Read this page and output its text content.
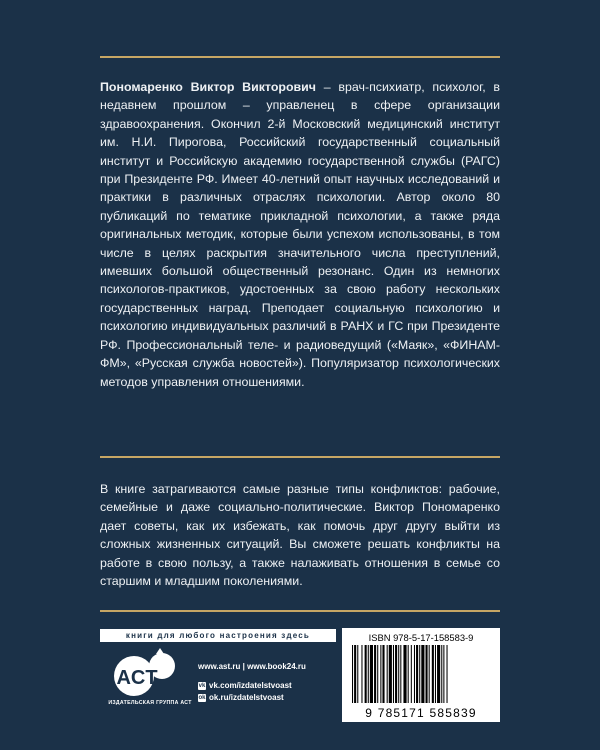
Пономаренко Виктор Викторович – врач-психиатр, психолог, в недавнем прошлом – управленец в сфере организации здравоохранения. Окончил 2-й Московский медицинский институт им. Н.И. Пирогова, Российский государственный социальный институт и Российскую академию государственной службы (РАГС) при Президенте РФ. Имеет 40-летний опыт научных исследований и практики в различных отраслях психологии. Автор около 80 публикаций по тематике прикладной психологии, а также ряда оригинальных методик, которые были успехом использованы, в том числе в целях раскрытия значительного числа преступлений, имевших большой общественный резонанс. Один из немногих психологов-практиков, удостоенных за свою работу нескольких государственных наград. Преподает социальную психологию и психологию индивидуальных различий в РАНХ и ГС при Президенте РФ. Профессиональный теле- и радиоведущий («Маяк», «ФИНАМ-ФМ», «Русская служба новостей»). Популяризатор психологических методов управления отношениями.

В книге затрагиваются самые разные типы конфликтов: рабочие, семейные и даже социально-политические. Виктор Пономаренко дает советы, как их избежать, как помочь друг другу выйти из сложных жизненных ситуаций. Вы сможете решать конфликты на работе в свою пользу, а также налаживать отношения в семье со старшим и младшим поколениями.

книги для любого настроения здесь
ACT
ИЗДАТЕЛЬСКАЯ ГРУППА АСТ
www.ast.ru | www.book24.ru
vk vk.com/izdatelstvoast
ok ok.ru/izdatelstvoast
ISBN 978-5-17-158583-9
9 785171 585839
